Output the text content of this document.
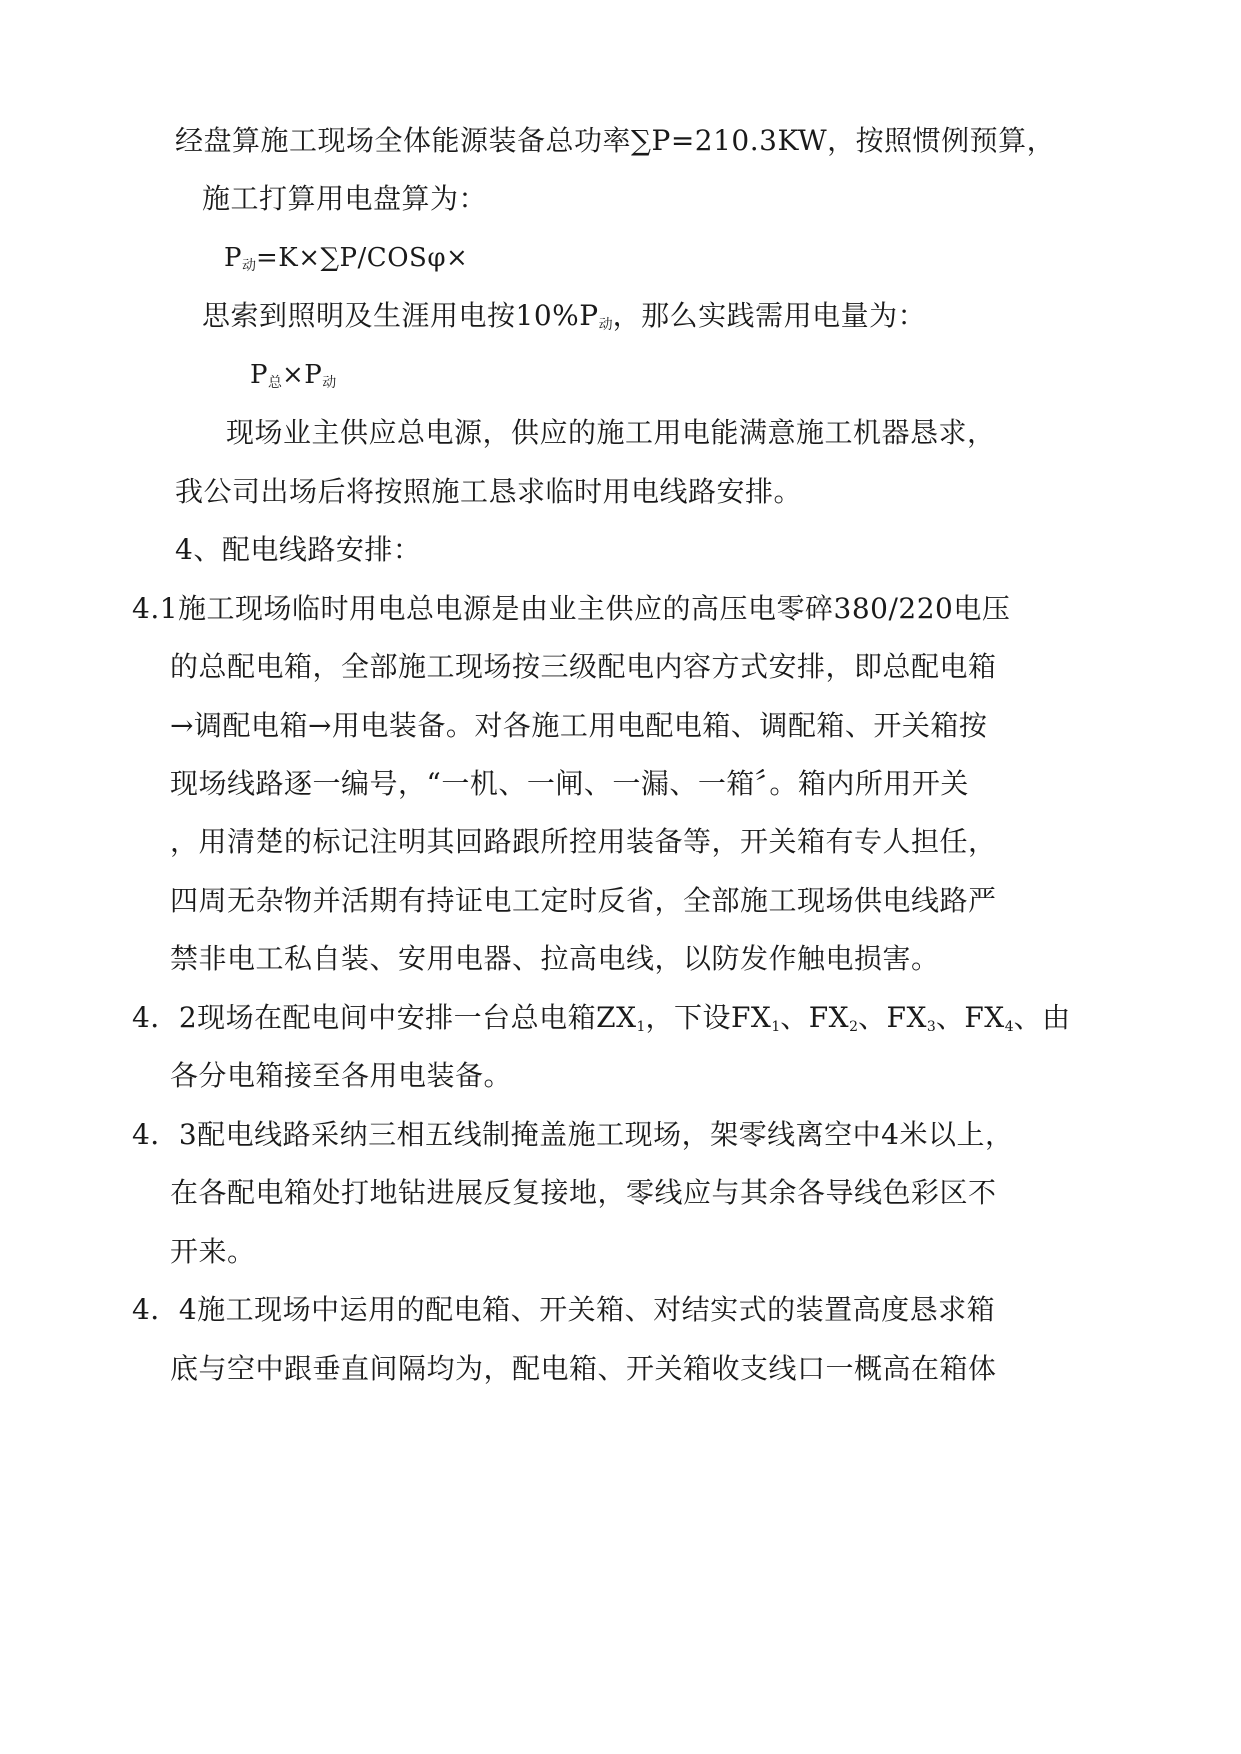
经盘算施工现场全体能源装备总功率∑P=210.3KW，按照惯例预算，
施工打算用电盘算为：
P动=K×∑P/COSφ×
思索到照明及生涯用电按10%P动，那么实践需用电量为：
P总×P动
现场业主供应总电源，供应的施工用电能满意施工机器恳求，
我公司出场后将按照施工恳求临时用电线路安排。
4、配电线路安排：
4.1施工现场临时用电总电源是由业主供应的高压电零碎380/220电压
的总配电箱，全部施工现场按三级配电内容方式安排，即总配电箱
→调配电箱→用电装备。对各施工用电配电箱、调配箱、开关箱按
现场线路逐一编号，“一机、一闸、一漏、一箱〞。箱内所用开关
，用清楚的标记注明其回路跟所控用装备等，开关箱有专人担任，
四周无杂物并活期有持证电工定时反省，全部施工现场供电线路严
禁非电工私自装、安用电器、拉高电线，以防发作触电损害。
4．2现场在配电间中安排一台总电箱ZX1，下设FX1、FX2、FX3、FX4、由
各分电箱接至各用电装备。
4．3配电线路采纳三相五线制掩盖施工现场，架零线离空中4米以上，
在各配电箱处打地钻进展反复接地，零线应与其余各导线色彩区不
开来。
4．4施工现场中运用的配电箱、开关箱、对结实式的装置高度恳求箱
底与空中跟垂直间隔均为，配电箱、开关箱收支线口一概高在箱体
